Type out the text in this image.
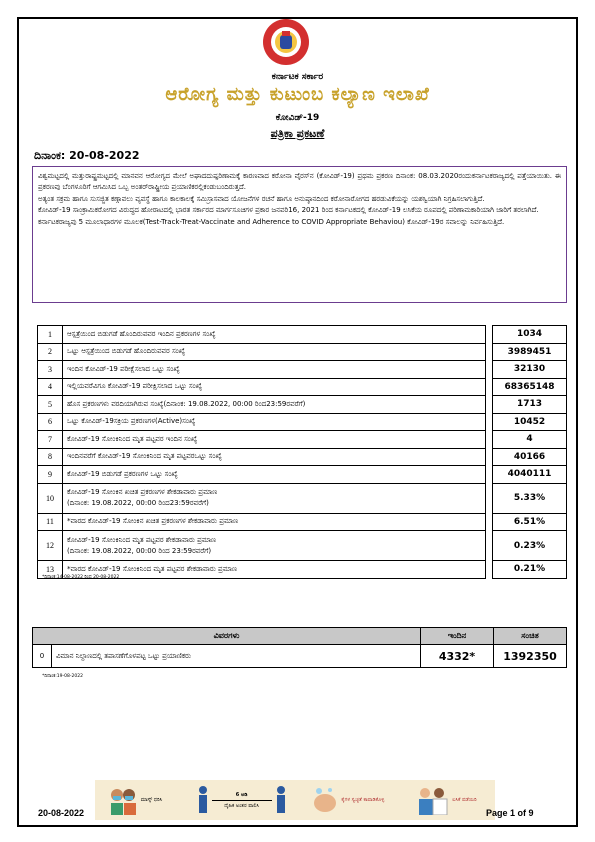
ಕರ್ನಾಟಕ ಸರ್ಕಾರ
ಆರೋಗ್ಯ ಮತ್ತು ಕುಟುಂಬ ಕಲ್ಯಾಣ ಇಲಾಖೆ
ಕೋವಿಡ್-19
ಪತ್ರಿಕಾ ಪ್ರಕಟಣೆ
ದಿನಾಂಕ: 20-08-2022

ವಿಶ್ವಮಟ್ಟದಲ್ಲಿ ಮತ್ತುರಾಷ್ಟ್ರಮಟ್ಟದಲ್ಲಿ ಮಾನವನ ಆರೋಗ್ಯದ ಮೇಲೆ ಅಘಾದದುಷ್ಪರಿಣಾಮಕ್ಕೆ ಕಾರಣವಾದ ಕರೋನಾ ವೈರಸ್‌ನ (ಕೋವಿಡ್-19) ಪ್ರಥಮ ಪ್ರಕರಣ ದಿನಾಂಕ: 08.03.2020ರಂದುಕರ್ನಾಟಕರಾಜ್ಯದಲ್ಲಿ ಪತ್ತೆಯಾಯಿತು. ಈ ಪ್ರಕರಣವು ಬೆಂಗಳೂರಿಗೆ ಆಗಮಿಸಿದ ಒಬ್ಬ ಅಂತರ್‌ರಾಷ್ಟ್ರೀಯ ಪ್ರಯಾಣಿಕರಲ್ಲಿಕಂಡುಬಂದಿರುತ್ತದೆ.

ಅತ್ಯಂತ ಸಕ್ರಮ ಹಾಗೂ ಸುಸಜ್ಜಿತ ಕಣ್ಗಾವಲು ವ್ಯವಸ್ಥೆ ಹಾಗೂ ಕಾಲಕಾಲಕ್ಕೆ ಸಮಿಸ್ರಾಸವಾದ ಯೋಜನೆಗಳ ರಚನೆ ಹಾಗೂ ಅನುಷ್ಠಾನದಿಂದ ಕರೋನಾರೋಗದ ಹರಡುವಿಕೆಯನ್ನು ಯಶಸ್ವಿಯಾಗಿ ನಿಗ್ರಹಿಸಲಾಗುತ್ತಿದೆ.

ಕೋವಿಡ್-19 ಸಾಂಕ್ರಾಮಿಕರೋಗದ ವಿರುದ್ಧದ ಹೋರಾಟದಲ್ಲಿ ಭಾರತ ಸರ್ಕಾರದ ಮಾರ್ಗಸೂಚಿಗಳ ಪ್ರಕಾರ ಜನವರಿ16, 2021 ರಿಂದ ಕರ್ನಾಟಕದಲ್ಲಿ ಕೋವಿಡ್-19 ಲಸಿಕೆಯ ರೂಪದಲ್ಲಿ ಪರಿಣಾಮಕಾರಿಯಾಗಿ ಜಾರಿಗೆ ತರಲಾಗಿದೆ.

ಕರ್ನಾಟಕರಾಜ್ಯವು 5 ಮೂಲಾಧಾರಗಳ ಮೂಲಕ(Test-Track-Treat-Vaccinate and Adherence to COVID Appropriate Behaviou) ಕೋವಿಡ್-19ರ ಸವಾಲನ್ನು ನಿರ್ವಹಿಸುತ್ತಿದೆ.

1	ಆಸ್ಪತ್ರೆಯಿಂದ ಬಿಡುಗಡೆ ಹೊಂದಿರುವವರ ಇಂದಿನ ಪ್ರಕರಣಗಳ ಸಂಖ್ಯೆ		1034
2	ಒಟ್ಟು ಆಸ್ಪತ್ರೆಯಿಂದ ಬಿಡುಗಡೆ ಹೊಂದಿರುವವರ ಸಂಖ್ಯೆ		3989451
3	ಇಂದಿನ ಕೋವಿಡ್-19 ಪರೀಕ್ಷೆಸಲಾದ ಒಟ್ಟು ಸಂಖ್ಯೆ		32130
4	ಇಲ್ಲಿಯವರೆವಿಗೂ ಕೋವಿಡ್-19 ಪರೀಕ್ಷಿಸಲಾದ ಒಟ್ಟು ಸಂಖ್ಯೆ		68365148
5	ಹೊಸ ಪ್ರಕರಣಗಳು ವರದಿಯಾಗಿರುವ ಸಂಖ್ಯೆ(ದಿನಾಂಕ: 19.08.2022, 00:00 ರಿಂದ23:59ರವರೆಗೆ)		1713
6	ಒಟ್ಟು ಕೋವಿಡ್-19ಸಕ್ರಿಯ ಪ್ರಕರಣಗಳ(Active)ಸಂಖ್ಯೆ		10452
7	ಕೋವಿಡ್-19 ಸೋಂಕಿನಿಂದ ಮೃತ ಪಟ್ಟವರ ಇಂದಿನ ಸಂಖ್ಯೆ		4
8	ಇಂದಿನವರೆಗೆ ಕೋವಿಡ್-19 ಸೋಂಕಿನಿಂದ ಮೃತ ಪಟ್ಟವರಒಟ್ಟು ಸಂಖ್ಯೆ		40166
9	ಕೋವಿಡ್-19 ಬಿಡುಗಡೆ ಪ್ರಕರಣಗಳ ಒಟ್ಟು ಸಂಖ್ಯೆ		4040111
10	ಕೋವಿಡ್-19 ಸೋಂಕಿನ ಖಚಿತ ಪ್ರಕರಣಗಳ ಶೇಕಡಾವಾರು ಪ್ರಮಾಣ
(ದಿನಾಂಕ: 19.08.2022, 00:00 ರಿಂದ23:59ರವರೆಗೆ)		5.33%
11	*ವಾರದ ಕೋವಿಡ್-19 ಸೋಂಕಿನ ಖಚಿತ ಪ್ರಕರಣಗಳ ಶೇಕಡಾವಾರು ಪ್ರಮಾಣ		6.51%
12	ಕೋವಿಡ್-19 ಸೋಂಕಿನಿಂದ ಮೃತ ಪಟ್ಟವರ ಶೇಕಡಾವಾರು ಪ್ರಮಾಣ
(ದಿನಾಂಕ: 19.08.2022, 00:00 ರಿಂದ 23:59ರವರೆಗೆ)		0.23%
13	*ವಾರದ ಕೋವಿಡ್-19 ಸೋಂಕಿನಿಂದ ಮೃತ ಪಟ್ಟವರ ಶೇಕಡಾವಾರು ಪ್ರಮಾಣ		0.21%
*ದಿನಾಂಕ:14-08-2022 ರಿಂದ 20-08-2022
ವಿವರಗಳು		ಇಂದಿನ	ಸಂಚಿತ
0	ವಿಮಾನ ನಿಲ್ದಾಣದಲ್ಲಿ ತಪಾಸಣೆಗೊಳಪಟ್ಟ ಒಟ್ಟು ಪ್ರಯಾಣಿಕರು	4332*	1392350
*ದಿನಾಂಕ:19-08-2022
ಮಾಸ್ಕ್ ಧರಿಸಿ
6 ಅಡಿ
ದೈಹಿಕ ಅಂತರ ಪಾಲಿಸಿ
ಕೈಗಳ ಸ್ವಚ್ಛತೆ ಕಾಪಾಡಿಕೊಳ್ಳಿ	ಲಸಿಕೆ ಪಡೆಯಿರಿ
20-08-2022	Page 1 of 9
